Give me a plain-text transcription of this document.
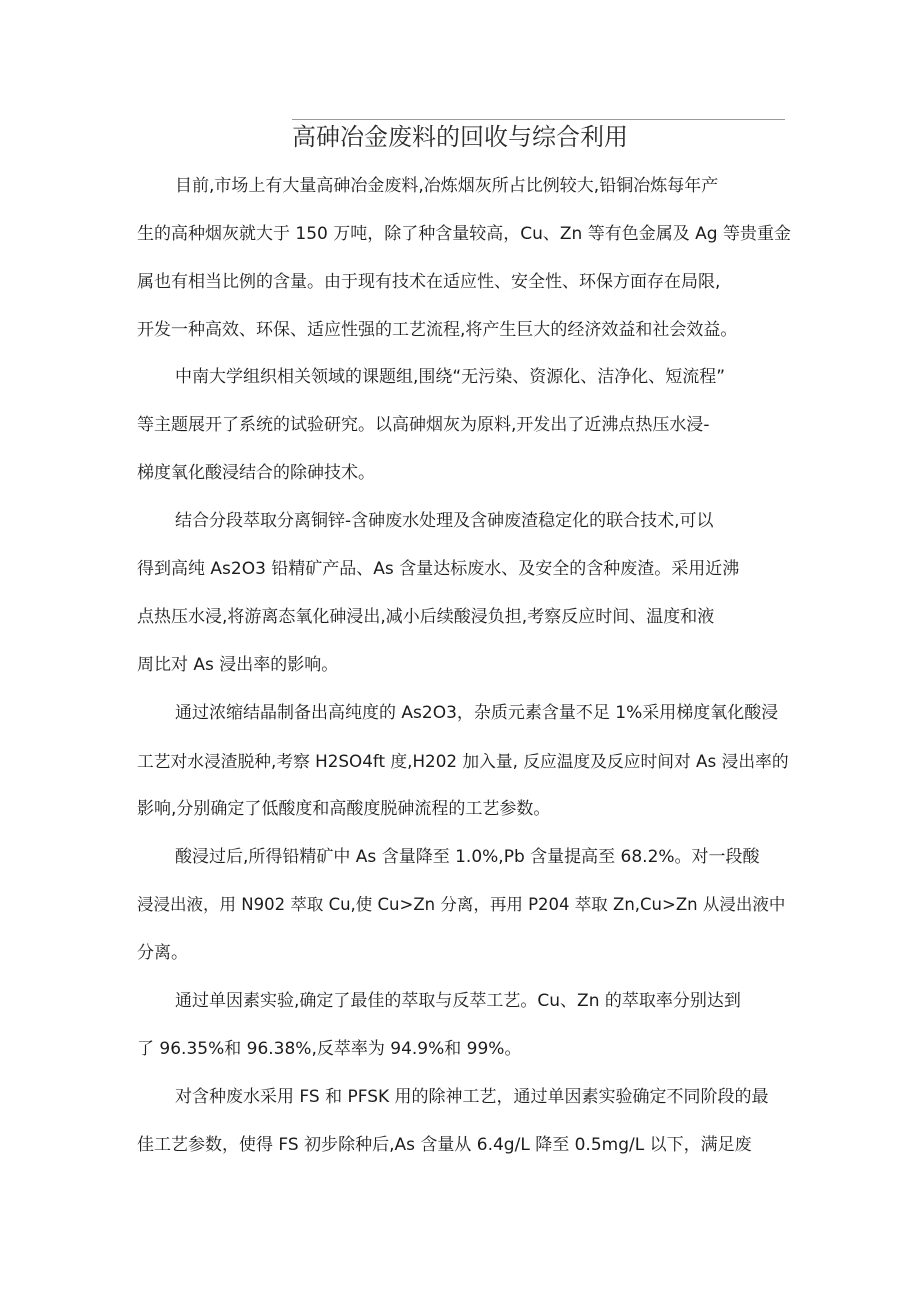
高砷冶金废料的回收与综合利用

目前,市场上有大量高砷冶金废料,冶炼烟灰所占比例较大,铅铜冶炼每年产

生的高种烟灰就大于 150 万吨，除了种含量较高，Cu、Zn 等有色金属及 Ag 等贵重金

属也有相当比例的含量。由于现有技术在适应性、安全性、环保方面存在局限,

开发一种高效、环保、适应性强的工艺流程,将产生巨大的经济效益和社会效益。

中南大学组织相关领域的课题组,围绕“无污染、资源化、洁净化、短流程”

等主题展开了系统的试验研究。以高砷烟灰为原料,开发出了近沸点热压水浸-

梯度氧化酸浸结合的除砷技术。

结合分段萃取分离铜锌-含砷废水处理及含砷废渣稳定化的联合技术,可以

得到高纯 As2O3 铅精矿产品、As 含量达标废水、及安全的含种废渣。采用近沸

点热压水浸,将游离态氧化砷浸出,减小后续酸浸负担,考察反应时间、温度和液

周比对 As 浸出率的影响。

通过浓缩结晶制备出高纯度的 As2O3，杂质元素含量不足 1%采用梯度氧化酸浸

工艺对水浸渣脱种,考察 H2SO4ft 度,H202 加入量, 反应温度及反应时间对 As 浸出率的

影响,分别确定了低酸度和高酸度脱砷流程的工艺参数。

酸浸过后,所得铅精矿中 As 含量降至 1.0%,Pb 含量提高至 68.2%。对一段酸

浸浸出液，用 N902 萃取 Cu,使 Cu>Zn 分离，再用 P204 萃取 Zn,Cu>Zn 从浸出液中

分离。

通过单因素实验,确定了最佳的萃取与反萃工艺。Cu、Zn 的萃取率分别达到

了 96.35%和 96.38%,反萃率为 94.9%和 99%。

对含种废水采用 FS 和 PFSK 用的除神工艺，通过单因素实验确定不同阶段的最

佳工艺参数，使得 FS 初步除种后,As 含量从 6.4g/L 降至 0.5mg/L 以下，满足废
